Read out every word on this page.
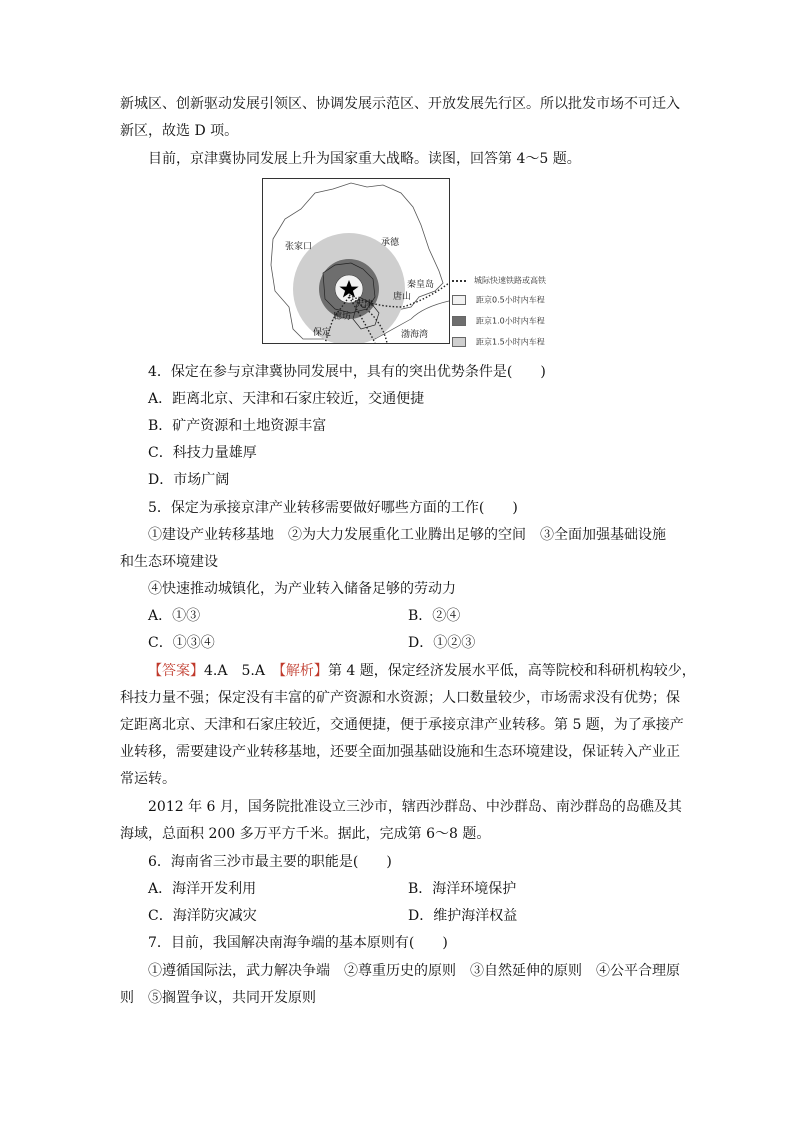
新城区、创新驱动发展引领区、协调发展示范区、开放发展先行区。所以批发市场不可迁入
新区，故选 D 项。
目前，京津冀协同发展上升为国家重大战略。读图，回答第 4～5 题。
张家口	承德
秦皇岛
唐山
天津
廊坊
保定	渤海湾
城际快速铁路或高铁
距京0.5小时内车程
距京1.0小时内车程
距京1.5小时内车程
4．保定在参与京津冀协同发展中，具有的突出优势条件是(　　)
A．距离北京、天津和石家庄较近，交通便捷
B．矿产资源和土地资源丰富
C．科技力量雄厚
D．市场广阔
5．保定为承接京津产业转移需要做好哪些方面的工作(　　)
①建设产业转移基地　②为大力发展重化工业腾出足够的空间　③全面加强基础设施
和生态环境建设
④快速推动城镇化，为产业转入储备足够的劳动力
A．①③	B．②④
C．①③④	D．①②③
【答案】4.A　5.A　【解析】第 4 题，保定经济发展水平低，高等院校和科研机构较少，
科技力量不强；保定没有丰富的矿产资源和水资源；人口数量较少，市场需求没有优势；保
定距离北京、天津和石家庄较近，交通便捷，便于承接京津产业转移。第 5 题，为了承接产
业转移，需要建设产业转移基地，还要全面加强基础设施和生态环境建设，保证转入产业正
常运转。
2012 年 6 月，国务院批准设立三沙市，辖西沙群岛、中沙群岛、南沙群岛的岛礁及其
海域，总面积 200 多万平方千米。据此，完成第 6～8 题。
6．海南省三沙市最主要的职能是(　　)
A．海洋开发利用	B．海洋环境保护
C．海洋防灾减灾	D．维护海洋权益
7．目前，我国解决南海争端的基本原则有(　　)
①遵循国际法，武力解决争端　②尊重历史的原则　③自然延伸的原则　④公平合理原
则　⑤搁置争议，共同开发原则
